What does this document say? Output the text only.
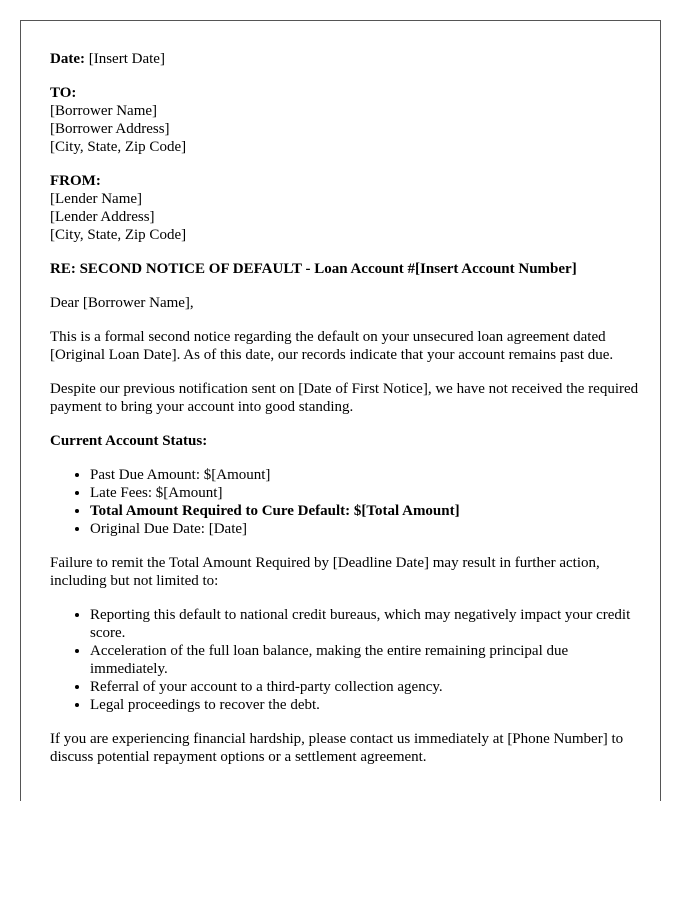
Date: [Insert Date]

TO:
[Borrower Name]
[Borrower Address]
[City, State, Zip Code]
FROM:
[Lender Name]
[Lender Address]
[City, State, Zip Code]

RE: SECOND NOTICE OF DEFAULT - Loan Account #[Insert Account Number]

Dear [Borrower Name],

This is a formal second notice regarding the default on your unsecured loan agreement dated [Original Loan Date]. As of this date, our records indicate that your account remains past due.

Despite our previous notification sent on [Date of First Notice], we have not received the required payment to bring your account into good standing.

Current Account Status:

• Past Due Amount: $[Amount]
• Late Fees: $[Amount]
• Total Amount Required to Cure Default: $[Total Amount]
• Original Due Date: [Date]

Failure to remit the Total Amount Required by [Deadline Date] may result in further action, including but not limited to:

• Reporting this default to national credit bureaus, which may negatively impact your credit score.
• Acceleration of the full loan balance, making the entire remaining principal due immediately.
• Referral of your account to a third-party collection agency.
• Legal proceedings to recover the debt.

If you are experiencing financial hardship, please contact us immediately at [Phone Number] to discuss potential repayment options or a settlement agreement.
